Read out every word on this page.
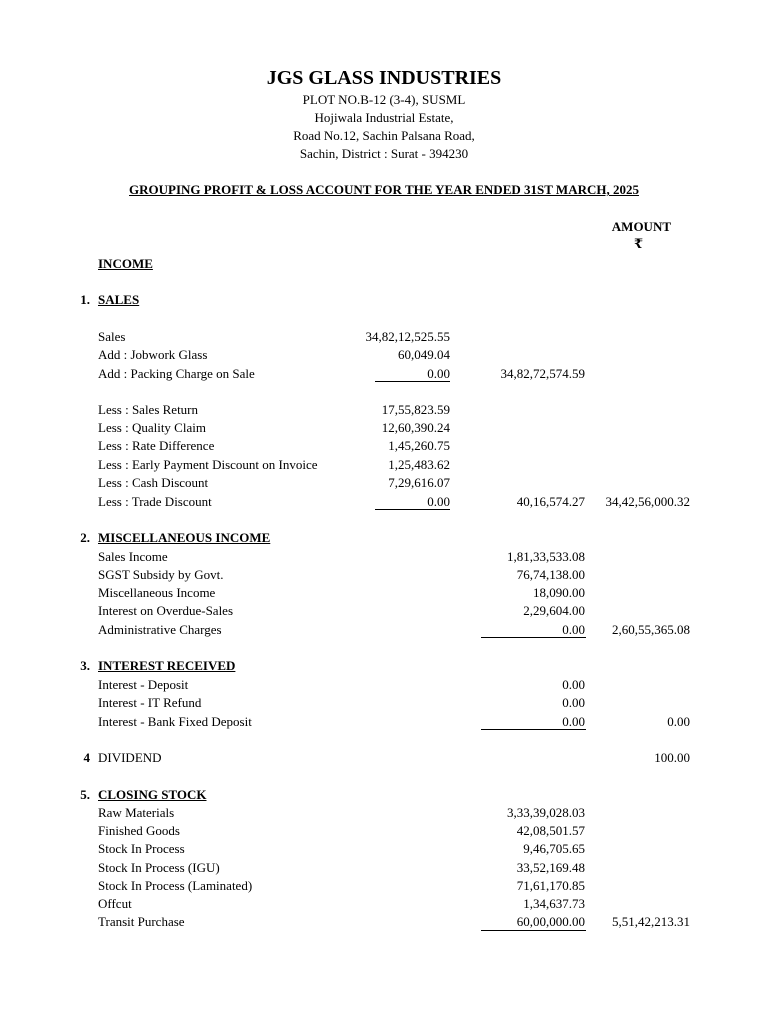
JGS GLASS INDUSTRIES
PLOT NO.B-12 (3-4), SUSML
Hojiwala Industrial Estate,
Road No.12, Sachin Palsana Road,
Sachin, District : Surat - 394230
GROUPING PROFIT & LOSS ACCOUNT FOR THE YEAR ENDED 31ST MARCH, 2025
AMOUNT
₹
INCOME
1. SALES
Sales	34,82,12,525.55
Add : Jobwork Glass	60,049.04
Add : Packing Charge on Sale	0.00	34,82,72,574.59
Less : Sales Return	17,55,823.59
Less : Quality Claim	12,60,390.24
Less : Rate Difference	1,45,260.75
Less : Early Payment Discount on Invoice	1,25,483.62
Less : Cash Discount	7,29,616.07
Less : Trade Discount	0.00	40,16,574.27	34,42,56,000.32
2. MISCELLANEOUS INCOME
Sales Income	1,81,33,533.08
SGST Subsidy by Govt.	76,74,138.00
Miscellaneous Income	18,090.00
Interest on Overdue-Sales	2,29,604.00
Administrative Charges	0.00	2,60,55,365.08
3. INTEREST RECEIVED
Interest - Deposit	0.00
Interest - IT Refund	0.00
Interest - Bank Fixed Deposit	0.00	0.00
4 DIVIDEND	100.00
5. CLOSING STOCK
Raw Materials	3,33,39,028.03
Finished Goods	42,08,501.57
Stock In Process	9,46,705.65
Stock In Process (IGU)	33,52,169.48
Stock In Process (Laminated)	71,61,170.85
Offcut	1,34,637.73
Transit Purchase	60,00,000.00	5,51,42,213.31
